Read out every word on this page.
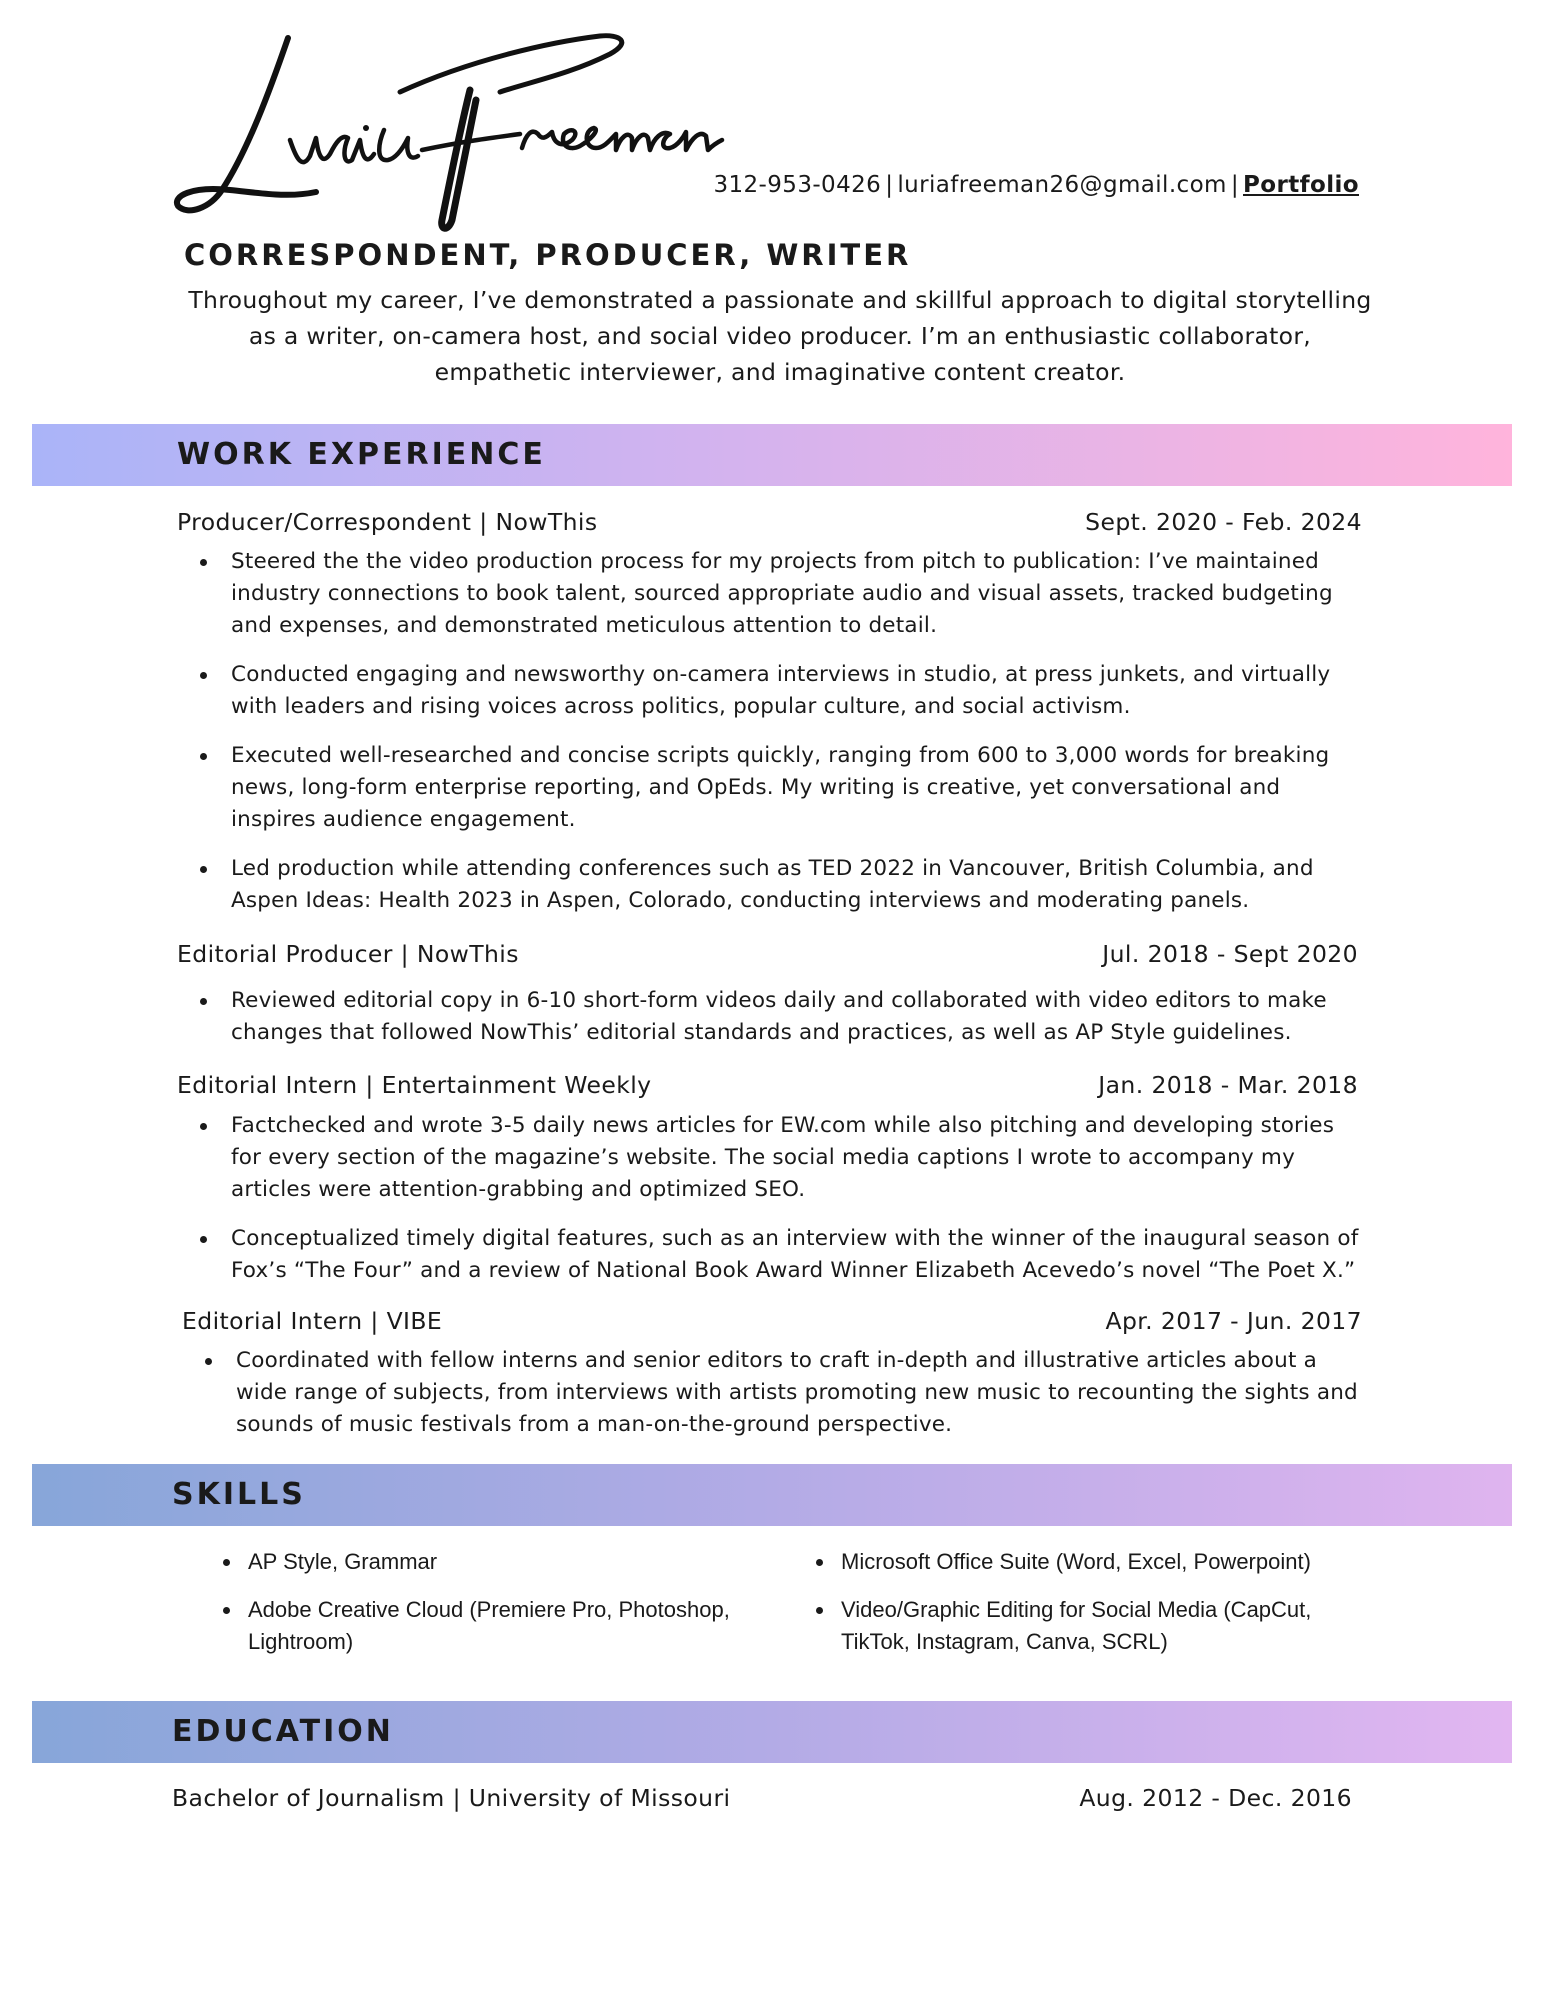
312-953-0426 | luriafreeman26@gmail.com | Portfolio
CORRESPONDENT, PRODUCER, WRITER
Throughout my career, I’ve demonstrated a passionate and skillful approach to digital storytelling as a writer, on-camera host, and social video producer. I’m an enthusiastic collaborator, empathetic interviewer, and imaginative content creator.
WORK EXPERIENCE
Producer/Correspondent | NowThis	Sept. 2020 - Feb. 2024
Steered the the video production process for my projects from pitch to publication: I’ve maintained industry connections to book talent, sourced appropriate audio and visual assets, tracked budgeting and expenses, and demonstrated meticulous attention to detail.
Conducted engaging and newsworthy on-camera interviews in studio, at press junkets, and virtually with leaders and rising voices across politics, popular culture, and social activism.
Executed well-researched and concise scripts quickly, ranging from 600 to 3,000 words for breaking news, long-form enterprise reporting, and OpEds. My writing is creative, yet conversational and inspires audience engagement.
Led production while attending conferences such as TED 2022 in Vancouver, British Columbia, and Aspen Ideas: Health 2023 in Aspen, Colorado, conducting interviews and moderating panels.
Editorial Producer | NowThis	Jul. 2018 - Sept 2020
Reviewed editorial copy in 6-10 short-form videos daily and collaborated with video editors to make changes that followed NowThis’ editorial standards and practices, as well as AP Style guidelines.
Editorial Intern | Entertainment Weekly	Jan. 2018 - Mar. 2018
Factchecked and wrote 3-5 daily news articles for EW.com while also pitching and developing stories for every section of the magazine’s website. The social media captions I wrote to accompany my articles were attention-grabbing and optimized SEO.
Conceptualized timely digital features, such as an interview with the winner of the inaugural season of Fox’s “The Four” and a review of National Book Award Winner Elizabeth Acevedo’s novel “The Poet X.”
Editorial Intern | VIBE	Apr. 2017 - Jun. 2017
Coordinated with fellow interns and senior editors to craft in-depth and illustrative articles about a wide range of subjects, from interviews with artists promoting new music to recounting the sights and sounds of music festivals from a man-on-the-ground perspective.
SKILLS
AP Style, Grammar
Adobe Creative Cloud (Premiere Pro, Photoshop, Lightroom)
Microsoft Office Suite (Word, Excel, Powerpoint)
Video/Graphic Editing for Social Media (CapCut, TikTok, Instagram, Canva, SCRL)
EDUCATION
Bachelor of Journalism | University of Missouri	Aug. 2012 - Dec. 2016
